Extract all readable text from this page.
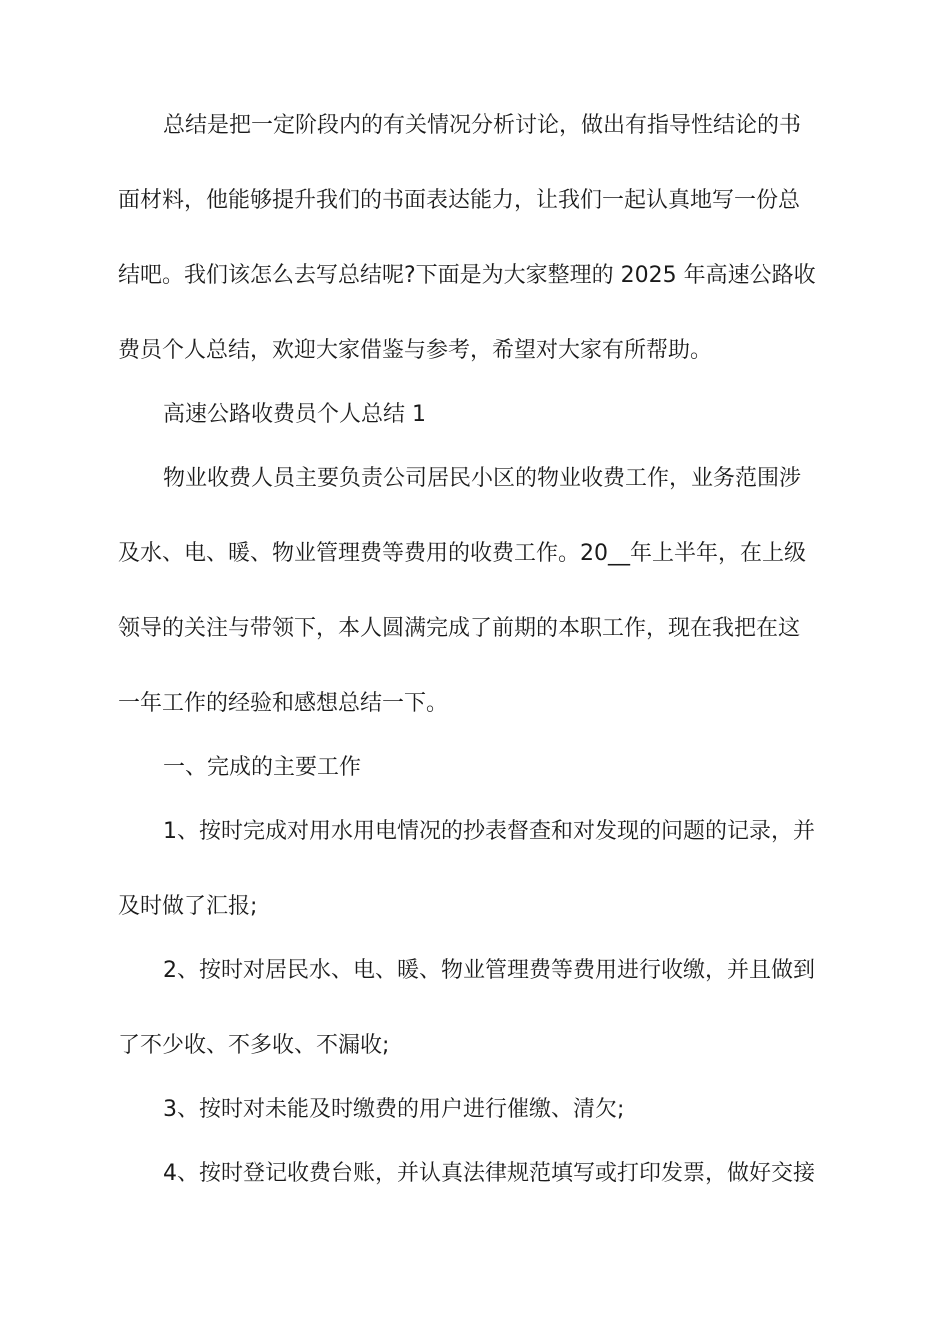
总结是把一定阶段内的有关情况分析讨论，做出有指导性结论的书
面材料，他能够提升我们的书面表达能力，让我们一起认真地写一份总
结吧。我们该怎么去写总结呢?下面是为大家整理的 2025 年高速公路收
费员个人总结，欢迎大家借鉴与参考，希望对大家有所帮助。
高速公路收费员个人总结 1
物业收费人员主要负责公司居民小区的物业收费工作，业务范围涉
及水、电、暖、物业管理费等费用的收费工作。20__年上半年，在上级
领导的关注与带领下，本人圆满完成了前期的本职工作，现在我把在这
一年工作的经验和感想总结一下。
一、完成的主要工作
1、按时完成对用水用电情况的抄表督查和对发现的问题的记录，并
及时做了汇报;
2、按时对居民水、电、暖、物业管理费等费用进行收缴，并且做到
了不少收、不多收、不漏收;
3、按时对未能及时缴费的用户进行催缴、清欠;
4、按时登记收费台账，并认真法律规范填写或打印发票，做好交接
